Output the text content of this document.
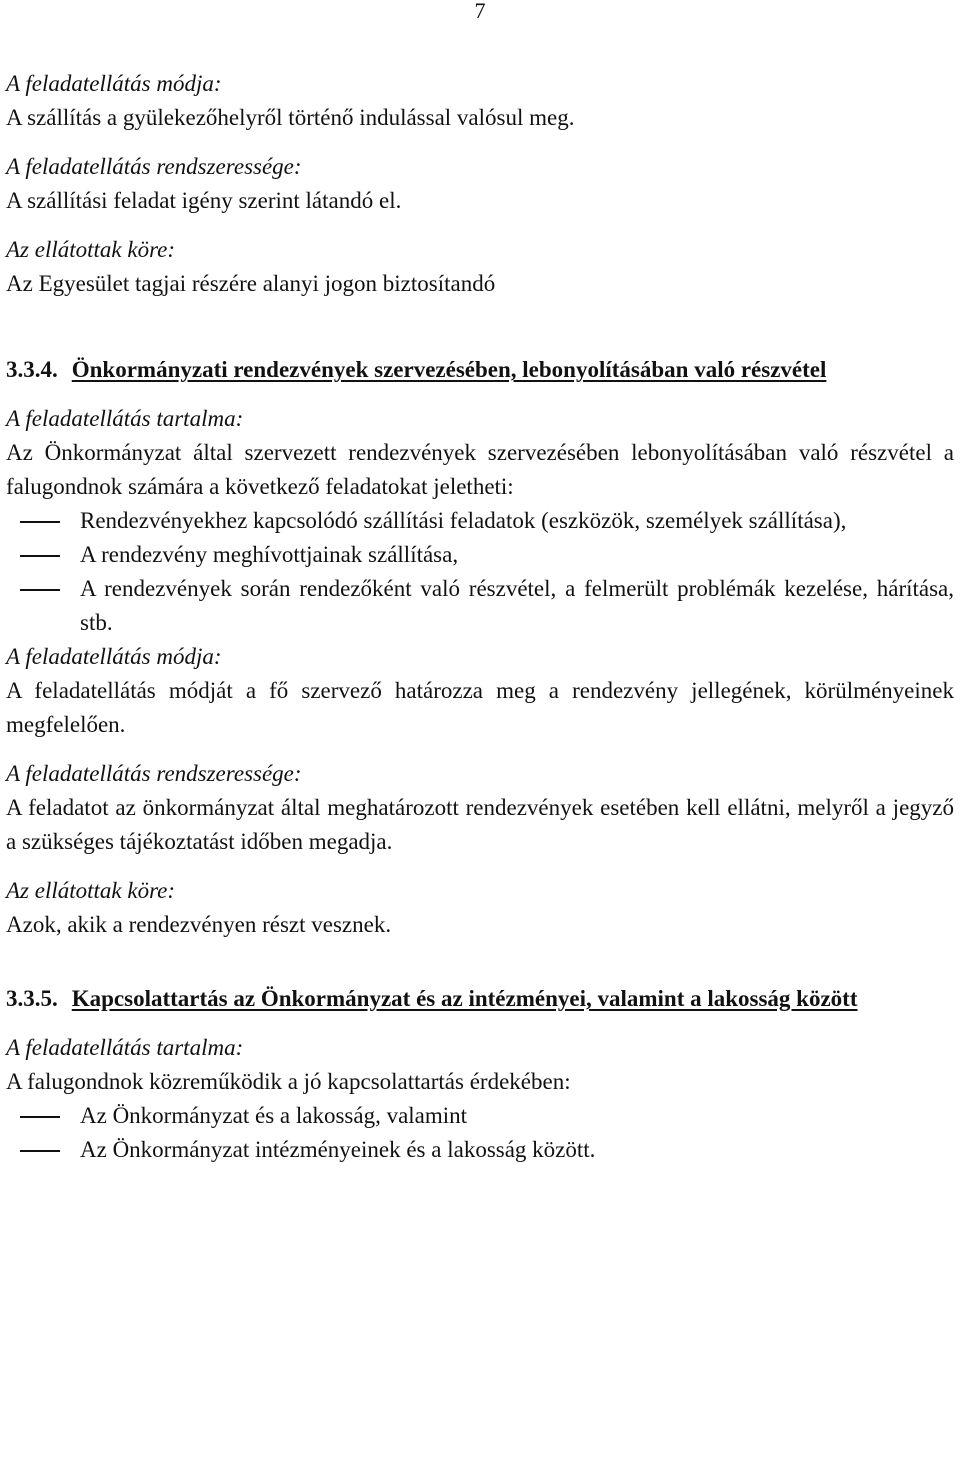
7

A feladatellátás módja:

A szállítás a gyülekezőhelyről történő indulással valósul meg.

A feladatellátás rendszeressége:

A szállítási feladat igény szerint látandó el.

Az ellátottak köre:

Az Egyesület tagjai részére alanyi jogon biztosítandó

3.3.4. Önkormányzati rendezvények szervezésében, lebonyolításában való részvétel

A feladatellátás tartalma:

Az Önkormányzat által szervezett rendezvények szervezésében lebonyolításában való részvétel a falugondnok számára a következő feladatokat jeletheti:

Rendezvényekhez kapcsolódó szállítási feladatok (eszközök, személyek szállítása),
A rendezvény meghívottjainak szállítása,
A rendezvények során rendezőként való részvétel, a felmerült problémák kezelése, hárítása, stb.

A feladatellátás módja:

A feladatellátás módját a fő szervező határozza meg a rendezvény jellegének, körülményeinek megfelelően.

A feladatellátás rendszeressége:

A feladatot az önkormányzat által meghatározott rendezvények esetében kell ellátni, melyről a jegyző a szükséges tájékoztatást időben megadja.

Az ellátottak köre:

Azok, akik a rendezvényen részt vesznek.

3.3.5. Kapcsolattartás az Önkormányzat és az intézményei, valamint a lakosság között

A feladatellátás tartalma:

A falugondnok közreműködik a jó kapcsolattartás érdekében:

Az Önkormányzat és a lakosság, valamint
Az Önkormányzat intézményeinek és a lakosság között.
